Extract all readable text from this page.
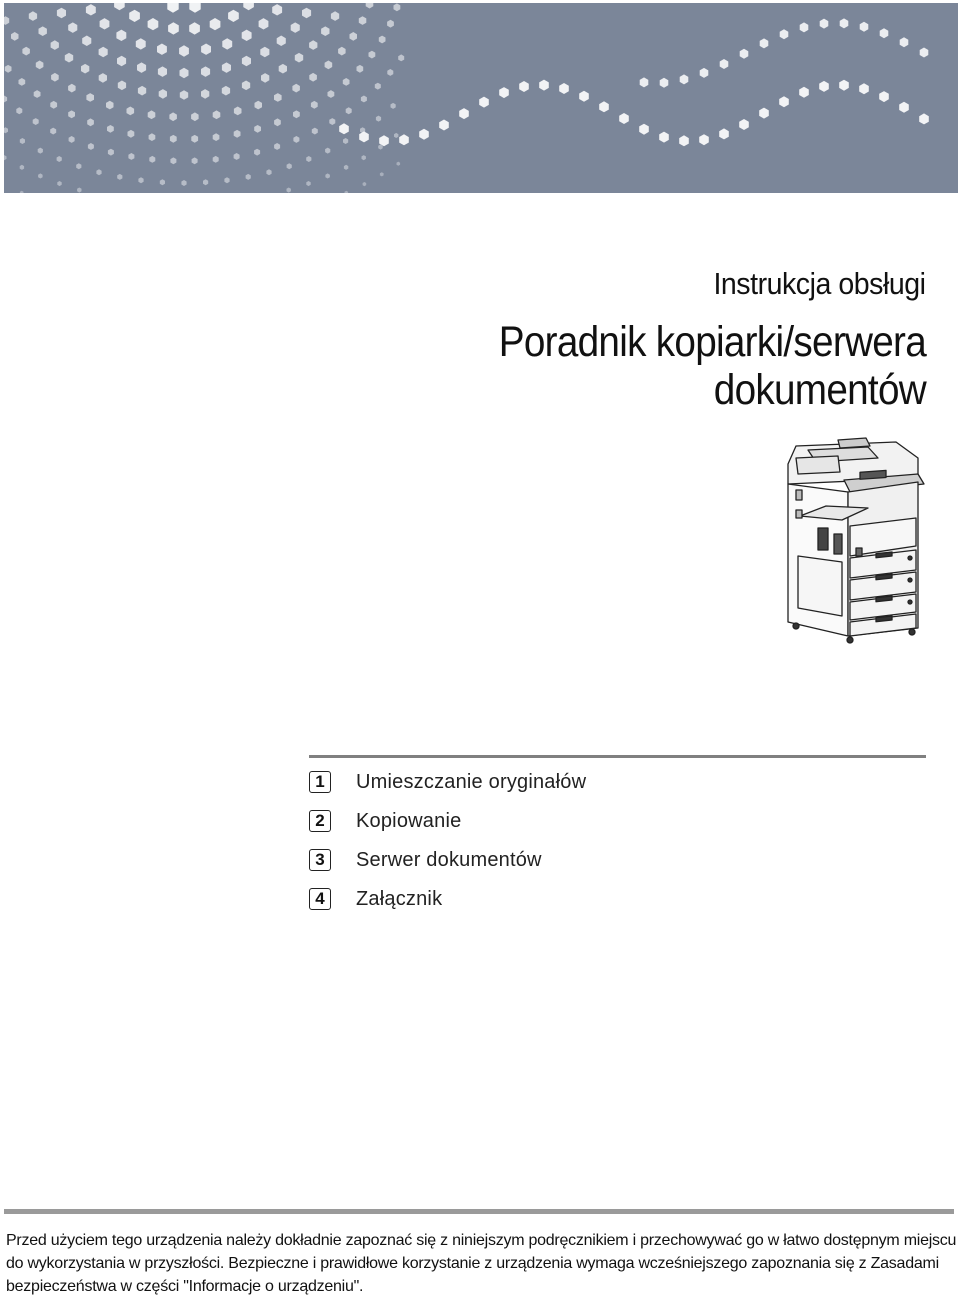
Instrukcja obsługi
Poradnik kopiarki/serwera
dokumentów
1	Umieszczanie oryginałów
2	Kopiowanie
3	Serwer dokumentów
4	Załącznik
Przed użyciem tego urządzenia należy dokładnie zapoznać się z niniejszym podręcznikiem i przechowywać go w łatwo dostępnym miejscu do wykorzystania w przyszłości. Bezpieczne i prawidłowe korzystanie z urządzenia wymaga wcześniejszego zapoznania się z Zasadami bezpieczeństwa w części "Informacje o urządzeniu".
